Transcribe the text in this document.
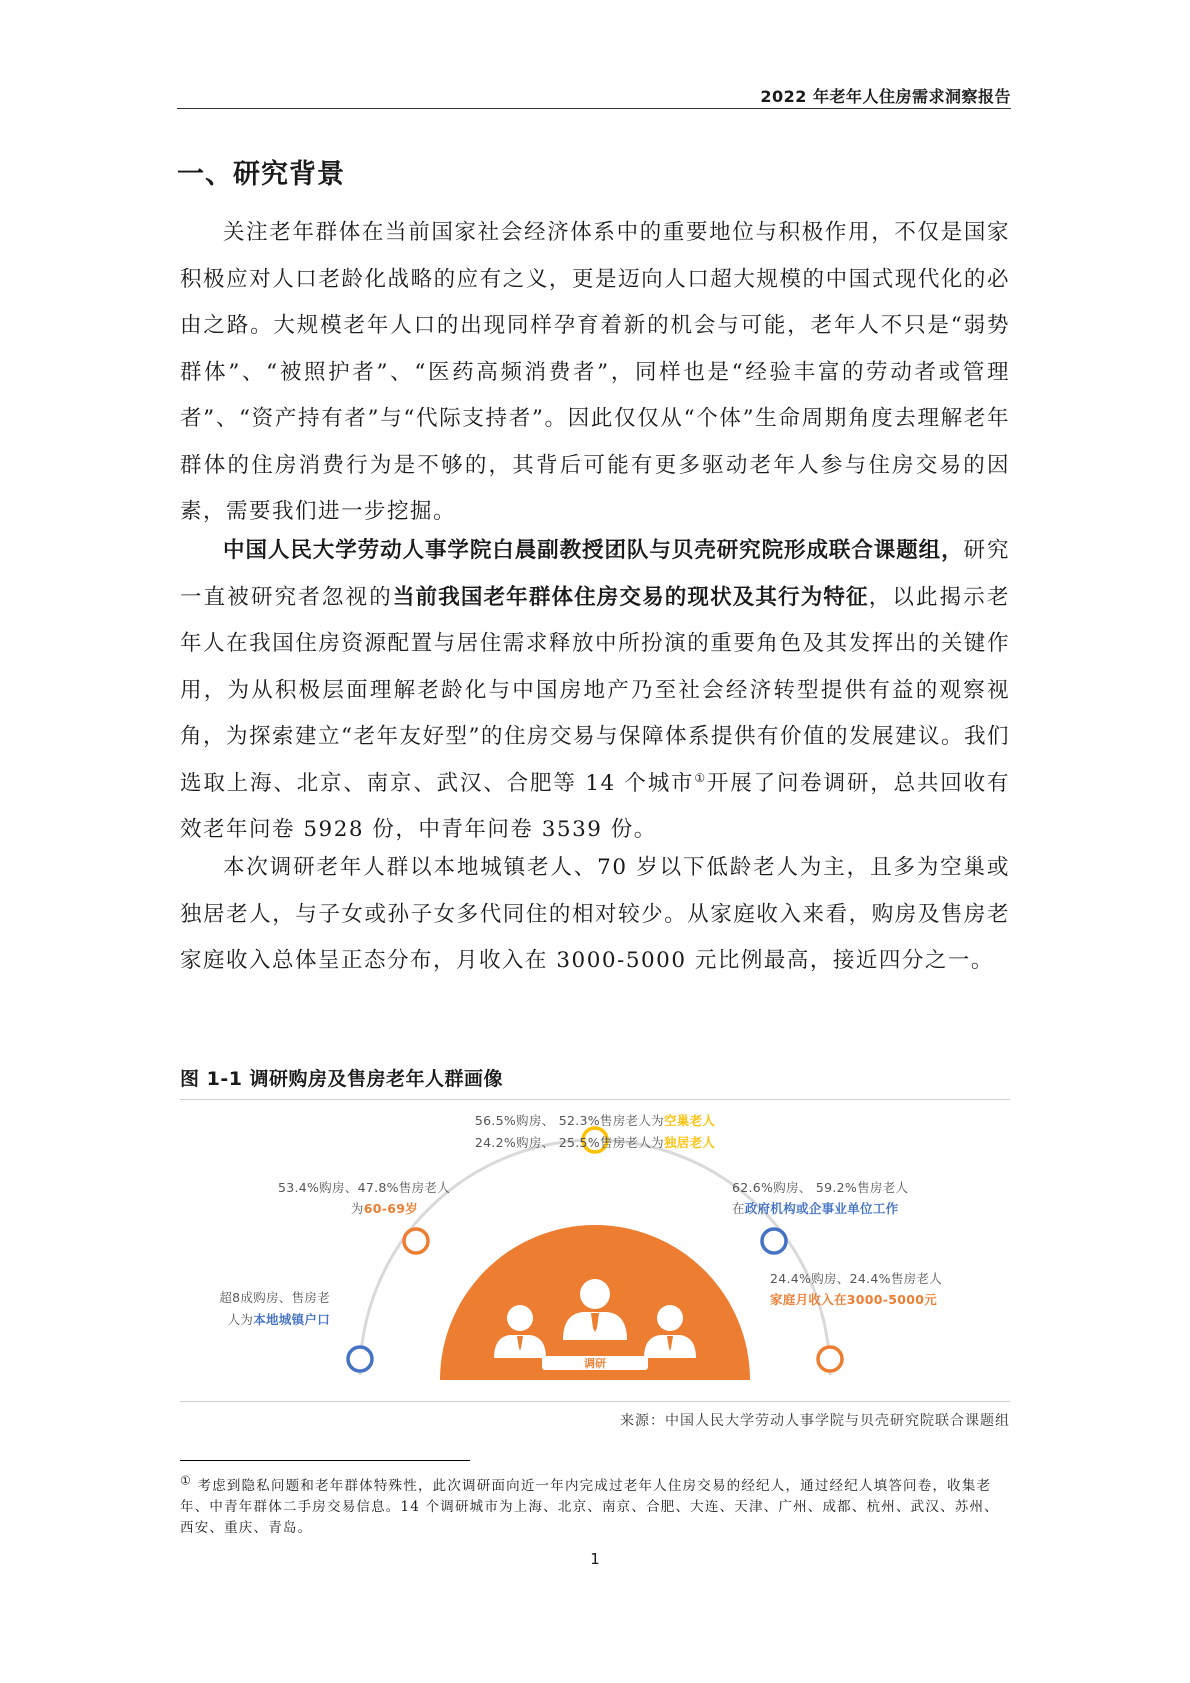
2022 年老年人住房需求洞察报告
一、研究背景

关注老年群体在当前国家社会经济体系中的重要地位与积极作用，不仅是国家积极应对人口老龄化战略的应有之义，更是迈向人口超大规模的中国式现代化的必由之路。大规模老年人口的出现同样孕育着新的机会与可能，老年人不只是“弱势群体”、“被照护者”、“医药高频消费者”，同样也是“经验丰富的劳动者或管理者”、“资产持有者”与“代际支持者”。因此仅仅从“个体”生命周期角度去理解老年群体的住房消费行为是不够的，其背后可能有更多驱动老年人参与住房交易的因素，需要我们进一步挖掘。

中国人民大学劳动人事学院白晨副教授团队与贝壳研究院形成联合课题组，研究一直被研究者忽视的当前我国老年群体住房交易的现状及其行为特征，以此揭示老年人在我国住房资源配置与居住需求释放中所扮演的重要角色及其发挥出的关键作用，为从积极层面理解老龄化与中国房地产乃至社会经济转型提供有益的观察视角，为探索建立“老年友好型”的住房交易与保障体系提供有价值的发展建议。我们选取上海、北京、南京、武汉、合肥等 14 个城市①开展了问卷调研，总共回收有效老年问卷 5928 份，中青年问卷 3539 份。

本次调研老年人群以本地城镇老人、70 岁以下低龄老人为主，且多为空巢或独居老人，与子女或孙子女多代同住的相对较少。从家庭收入来看，购房及售房老家庭收入总体呈正态分布，月收入在 3000-5000 元比例最高，接近四分之一。

图 1-1 调研购房及售房老年人群画像
调研
56.5%购房、 52.3%售房老人为空巢老人
24.2%购房、 25.5%售房老人为独居老人
53.4%购房、47.8%售房老人
为60-69岁
62.6%购房、 59.2%售房老人
在政府机构或企事业单位工作
超8成购房、售房老
人为本地城镇户口
24.4%购房、24.4%售房老人
家庭月收入在3000-5000元
来源：中国人民大学劳动人事学院与贝壳研究院联合课题组

① 考虑到隐私问题和老年群体特殊性，此次调研面向近一年内完成过老年人住房交易的经纪人，通过经纪人填答问卷，收集老年、中青年群体二手房交易信息。14 个调研城市为上海、北京、南京、合肥、大连、天津、广州、成都、杭州、武汉、苏州、西安、重庆、青岛。

1
